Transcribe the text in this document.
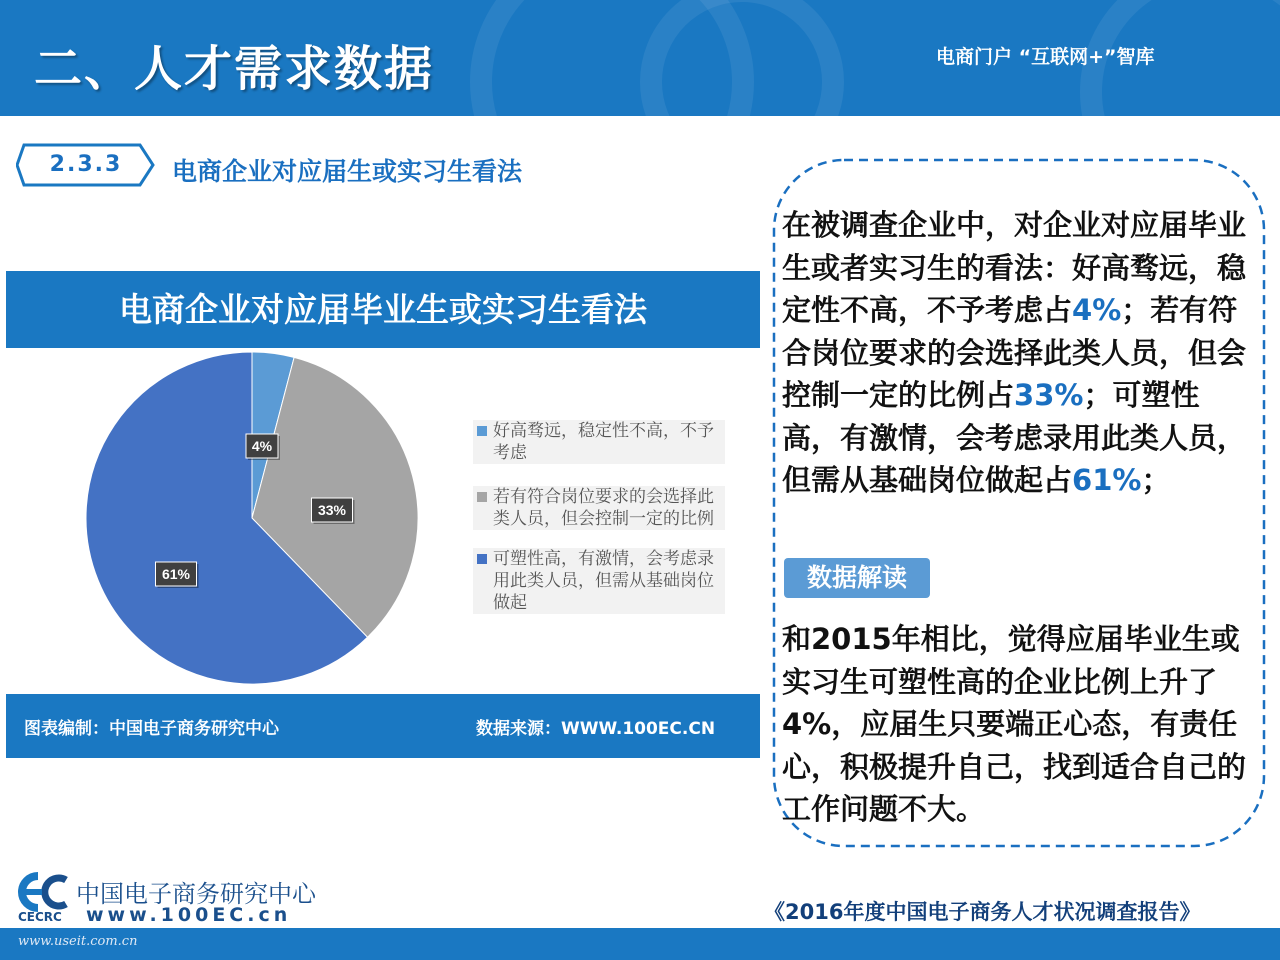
二、人才需求数据	电商门户 “互联网+”智库
2.3.3	电商企业对应届生或实习生看法
电商企业对应届毕业生或实习生看法
4%
33%
61%
好高骛远，稳定性不高，不予考虑
若有符合岗位要求的会选择此类人员，但会控制一定的比例
可塑性高，有激情，会考虑录用此类人员，但需从基础岗位做起
图表编制：中国电子商务研究中心	数据来源：WWW.100EC.CN
在被调查企业中，对企业对应届毕业生或者实习生的看法：好高骛远，稳定性不高，不予考虑占4%；若有符合岗位要求的会选择此类人员，但会控制一定的比例占33%；可塑性高，有激情，会考虑录用此类人员，但需从基础岗位做起占61%；
数据解读
和2015年相比，觉得应届毕业生或实习生可塑性高的企业比例上升了4%，应届生只要端正心态，有责任心，积极提升自己，找到适合自己的工作问题不大。
CECRC
中国电子商务研究中心
www.100EC.cn	《2016年度中国电子商务人才状况调查报告》
www.useit.com.cn
